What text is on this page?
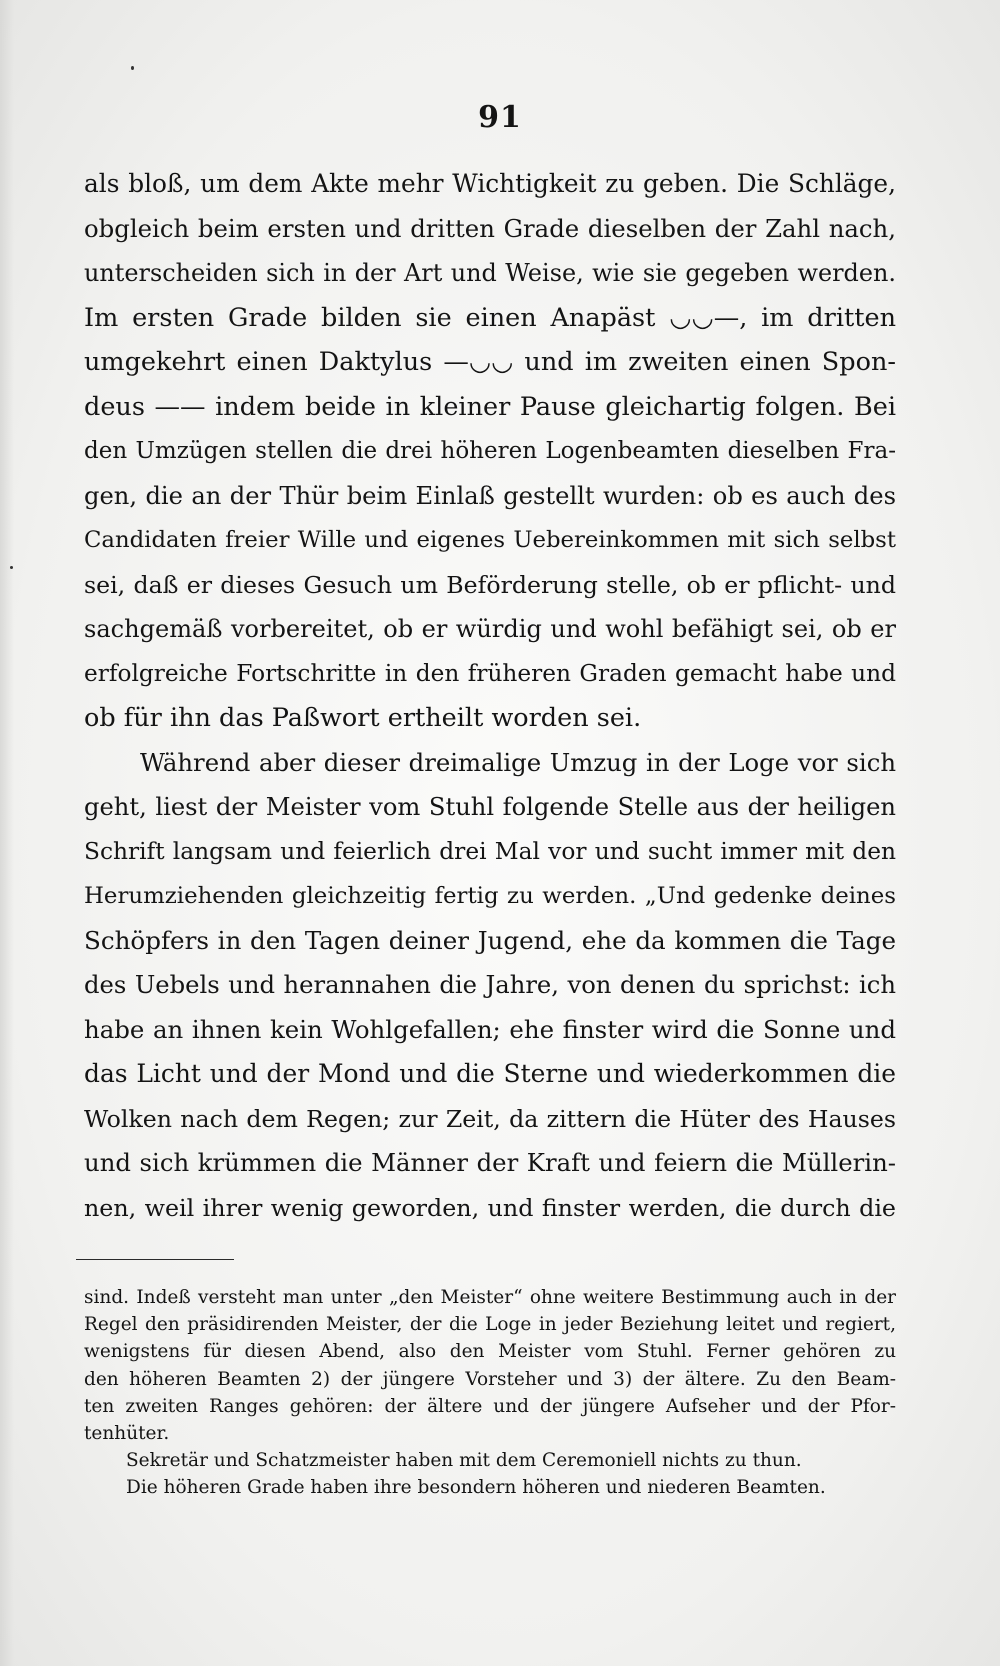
91
als bloß, um dem Akte mehr Wichtigkeit zu geben. Die Schläge,
obgleich beim ersten und dritten Grade dieselben der Zahl nach,
unterscheiden sich in der Art und Weise, wie sie gegeben werden.
Im ersten Grade bilden sie einen Anapäst ◡◡—, im dritten
umgekehrt einen Daktylus —◡◡ und im zweiten einen Spon-
deus —— indem beide in kleiner Pause gleichartig folgen. Bei
den Umzügen stellen die drei höheren Logenbeamten dieselben Fra-
gen, die an der Thür beim Einlaß gestellt wurden: ob es auch des
Candidaten freier Wille und eigenes Uebereinkommen mit sich selbst
sei, daß er dieses Gesuch um Beförderung stelle, ob er pflicht- und
sachgemäß vorbereitet, ob er würdig und wohl befähigt sei, ob er
erfolgreiche Fortschritte in den früheren Graden gemacht habe und
ob für ihn das Paßwort ertheilt worden sei.
Während aber dieser dreimalige Umzug in der Loge vor sich
geht, liest der Meister vom Stuhl folgende Stelle aus der heiligen
Schrift langsam und feierlich drei Mal vor und sucht immer mit den
Herumziehenden gleichzeitig fertig zu werden. „Und gedenke deines
Schöpfers in den Tagen deiner Jugend, ehe da kommen die Tage
des Uebels und herannahen die Jahre, von denen du sprichst: ich
habe an ihnen kein Wohlgefallen; ehe finster wird die Sonne und
das Licht und der Mond und die Sterne und wiederkommen die
Wolken nach dem Regen; zur Zeit, da zittern die Hüter des Hauses
und sich krümmen die Männer der Kraft und feiern die Müllerin-
nen, weil ihrer wenig geworden, und finster werden, die durch die
sind. Indeß versteht man unter „den Meister“ ohne weitere Bestimmung auch in der
Regel den präsidirenden Meister, der die Loge in jeder Beziehung leitet und regiert,
wenigstens für diesen Abend, also den Meister vom Stuhl. Ferner gehören zu
den höheren Beamten 2) der jüngere Vorsteher und 3) der ältere. Zu den Beam-
ten zweiten Ranges gehören: der ältere und der jüngere Aufseher und der Pfor-
tenhüter.
Sekretär und Schatzmeister haben mit dem Ceremoniell nichts zu thun.
Die höheren Grade haben ihre besondern höheren und niederen Beamten.
